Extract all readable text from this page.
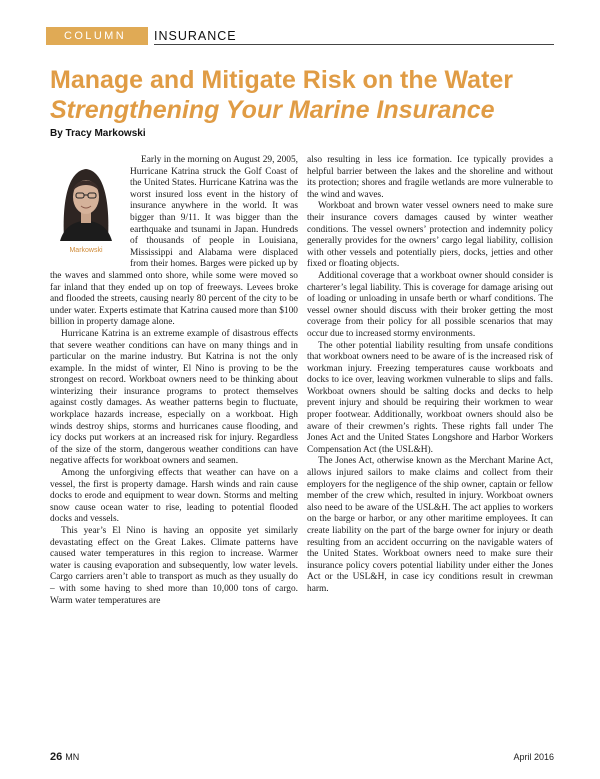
COLUMN	INSURANCE
Manage and Mitigate Risk on the Water
Strengthening Your Marine Insurance
By Tracy Markowski
Markowski

Early in the morning on August 29, 2005, Hurricane Katrina struck the Golf Coast of the United States. Hurricane Katrina was the worst insured loss event in the history of insurance anywhere in the world. It was bigger than 9/11. It was bigger than the earthquake and tsunami in Japan. Hundreds of thousands of people in Louisiana, Mississippi and Alabama were displaced from their homes. Barges were picked up by the waves and slammed onto shore, while some were moved so far inland that they ended up on top of freeways. Levees broke and flooded the streets, causing nearly 80 percent of the city to be under water. Experts estimate that Katrina caused more than $100 billion in property damage alone.

Hurricane Katrina is an extreme example of disastrous effects that severe weather conditions can have on many things and in particular on the marine industry. But Katrina is not the only example. In the midst of winter, El Nino is proving to be the strongest on record. Workboat owners need to be thinking about winterizing their insurance programs to protect themselves against costly damages. As weather patterns begin to fluctuate, workplace hazards increase, especially on a workboat. High winds destroy ships, storms and hurricanes cause flooding, and icy docks put workers at an increased risk for injury. Regardless of the size of the storm, dangerous weather conditions can have negative affects for workboat owners and seamen.

Among the unforgiving effects that weather can have on a vessel, the first is property damage. Harsh winds and rain cause docks to erode and equipment to wear down. Storms and melting snow cause ocean water to rise, leading to potential flooded docks and vessels.

This year’s El Nino is having an opposite yet similarly devastating effect on the Great Lakes. Climate patterns have caused water temperatures in this region to increase. Warmer water is causing evaporation and subsequently, low water levels. Cargo carriers aren’t able to transport as much as they usually do – with some having to shed more than 10,000 tons of cargo. Warm water temperatures are

also resulting in less ice formation. Ice typically provides a helpful barrier between the lakes and the shoreline and without its protection; shores and fragile wetlands are more vulnerable to the wind and waves.

Workboat and brown water vessel owners need to make sure their insurance covers damages caused by winter weather conditions. The vessel owners’ protection and indemnity policy generally provides for the owners’ cargo legal liability, collision with other vessels and potentially piers, docks, jetties and other fixed or floating objects.

Additional coverage that a workboat owner should consider is charterer’s legal liability. This is coverage for damage arising out of loading or unloading in unsafe berth or wharf conditions. The vessel owner should discuss with their broker getting the most coverage from their policy for all possible scenarios that may occur due to increased stormy environments.

The other potential liability resulting from unsafe conditions that workboat owners need to be aware of is the increased risk of workman injury. Freezing temperatures cause workboats and docks to ice over, leaving workmen vulnerable to slips and falls. Workboat owners should be salting docks and decks to help prevent injury and should be requiring their workmen to wear proper footwear. Additionally, workboat owners should also be aware of their crewmen’s rights. These rights fall under The Jones Act and the United States Longshore and Harbor Workers Compensation Act (the USL&H).

The Jones Act, otherwise known as the Merchant Marine Act, allows injured sailors to make claims and collect from their employers for the negligence of the ship owner, captain or fellow member of the crew which, resulted in injury. Workboat owners also need to be aware of the USL&H. The act applies to workers on the barge or harbor, or any other maritime employees. It can create liability on the part of the barge owner for injury or death resulting from an accident occurring on the navigable waters of the United States. Workboat owners need to make sure their insurance policy covers potential liability under either the Jones Act or the USL&H, in case icy conditions result in crewman harm.

26 MN	April 2016
